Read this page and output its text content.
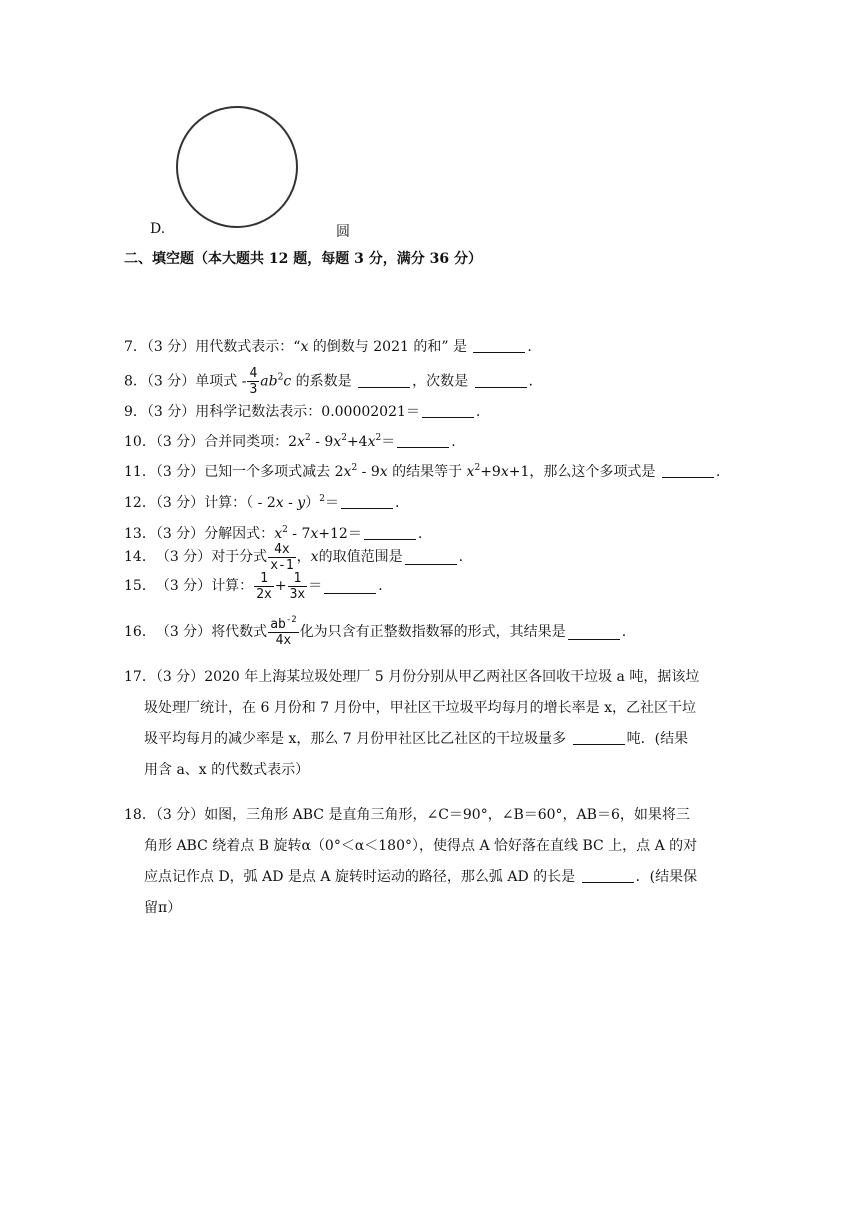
D.	圆
二、填空题（本大题共 12 题，每题 3 分，满分 36 分）
7．（3 分）用代数式表示：“x 的倒数与 2021 的和” 是	.
8．（3 分）单项式 - $\frac{4}{3} ab^2c$ 的系数是	，次数是	.
9．（3 分）用科学记数法表示：0.00002021＝	.
10．（3 分）合并同类项：$2x^2 - 9x^2+4x^2=$	.
11．（3 分）已知一个多项式减去 $2x^2 - 9x$ 的结果等于 $x^2+9x+1$，那么这个多项式是	.
12．（3 分）计算：（ - 2x - y）$^2$＝	.
13．（3 分）分解因式：$x^2 - 7x+12=$	.
14． （3 分） 对于分式 $\frac{4x}{x-1}$ ， x 的取值范围是	.
15． （3 分） 计算： $\frac{1}{2x} + \frac{1}{3x}$ ＝	.
16． （3 分） 将代数式 $\frac{ab^{-2}}{4x}$ 化为只含有正整数指数幂的形式，其结果是	.
17．（3 分）2020 年上海某垃圾处理厂 5 月份分别从甲乙两社区各回收干垃圾 a 吨，据该垃
圾处理厂统计，在 6 月份和 7 月份中，甲社区干垃圾平均每月的增长率是 x，乙社区干垃
圾平均每月的减少率是 x，那么 7 月份甲社区比乙社区的干垃圾量多	吨．(结果
用含 a、x 的代数式表示）
18．（3 分）如图，三角形 ABC 是直角三角形，∠C＝90°，∠B＝60°，AB＝6，如果将三
角形 ABC 绕着点 B 旋转α（0°＜α＜180°），使得点 A 恰好落在直线 BC 上，点 A 的对
应点记作点 D，弧 AD 是点 A 旋转时运动的路径，那么弧 AD 的长是	．(结果保
留π）
